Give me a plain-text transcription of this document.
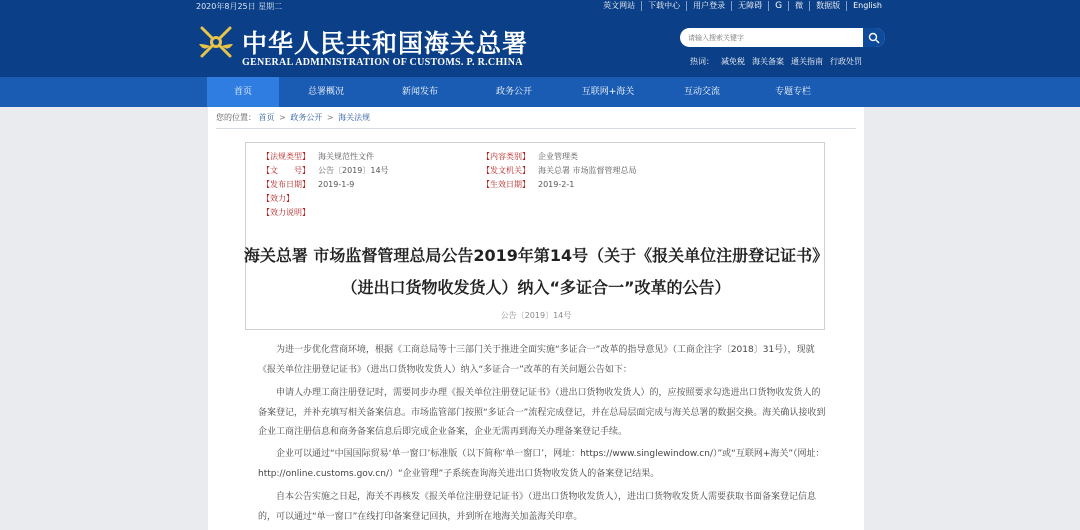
2020年8月25日 星期二	英文网站	下载中心	用户登录	无障碍	G	微	数据版	English
中华人民共和国海关总署
GENERAL ADMINISTRATION OF CUSTOMS. P. R.CHINA
请输入搜索关键字	热词： 减免税 海关备案 通关指南 行政处罚
首页	总署概况	新闻发布	政务公开	互联网+海关	互动交流	专题专栏
您的位置： 首页 > 政务公开 > 海关法规
【法规类型】 海关规范性文件
【文　　号】 公告〔2019〕14号
【发布日期】 2019-1-9
【效力】
【效力说明】
【内容类别】 企业管理类
【发文机关】 海关总署 市场监督管理总局
【生效日期】 2019-2-1
海关总署 市场监督管理总局公告2019年第14号（关于《报关单位注册登记证书》
（进出口货物收发货人）纳入“多证合一”改革的公告）
公告〔2019〕14号

为进一步优化营商环境，根据《工商总局等十三部门关于推进全面实施“多证合一”改革的指导意见》（工商企注字〔2018〕31号），现就《报关单位注册登记证书》（进出口货物收发货人）纳入“多证合一”改革的有关问题公告如下：

申请人办理工商注册登记时，需要同步办理《报关单位注册登记证书》（进出口货物收发货人）的，应按照要求勾选进出口货物收发货人的备案登记，并补充填写相关备案信息。市场监管部门按照“多证合一”流程完成登记，并在总局层面完成与海关总署的数据交换。海关确认接收到企业工商注册信息和商务备案信息后即完成企业备案，企业无需再到海关办理备案登记手续。

企业可以通过“中国国际贸易‘单一窗口’标准版（以下简称‘单一窗口’，网址：https://www.singlewindow.cn/）”或“互联网+海关”（网址：http://online.customs.gov.cn/）“企业管理”子系统查询海关进出口货物收发货人的备案登记结果。

自本公告实施之日起，海关不再核发《报关单位注册登记证书》（进出口货物收发货人），进出口货物收发货人需要获取书面备案登记信息的，可以通过“单一窗口”在线打印备案登记回执，并到所在地海关加盖海关印章。
